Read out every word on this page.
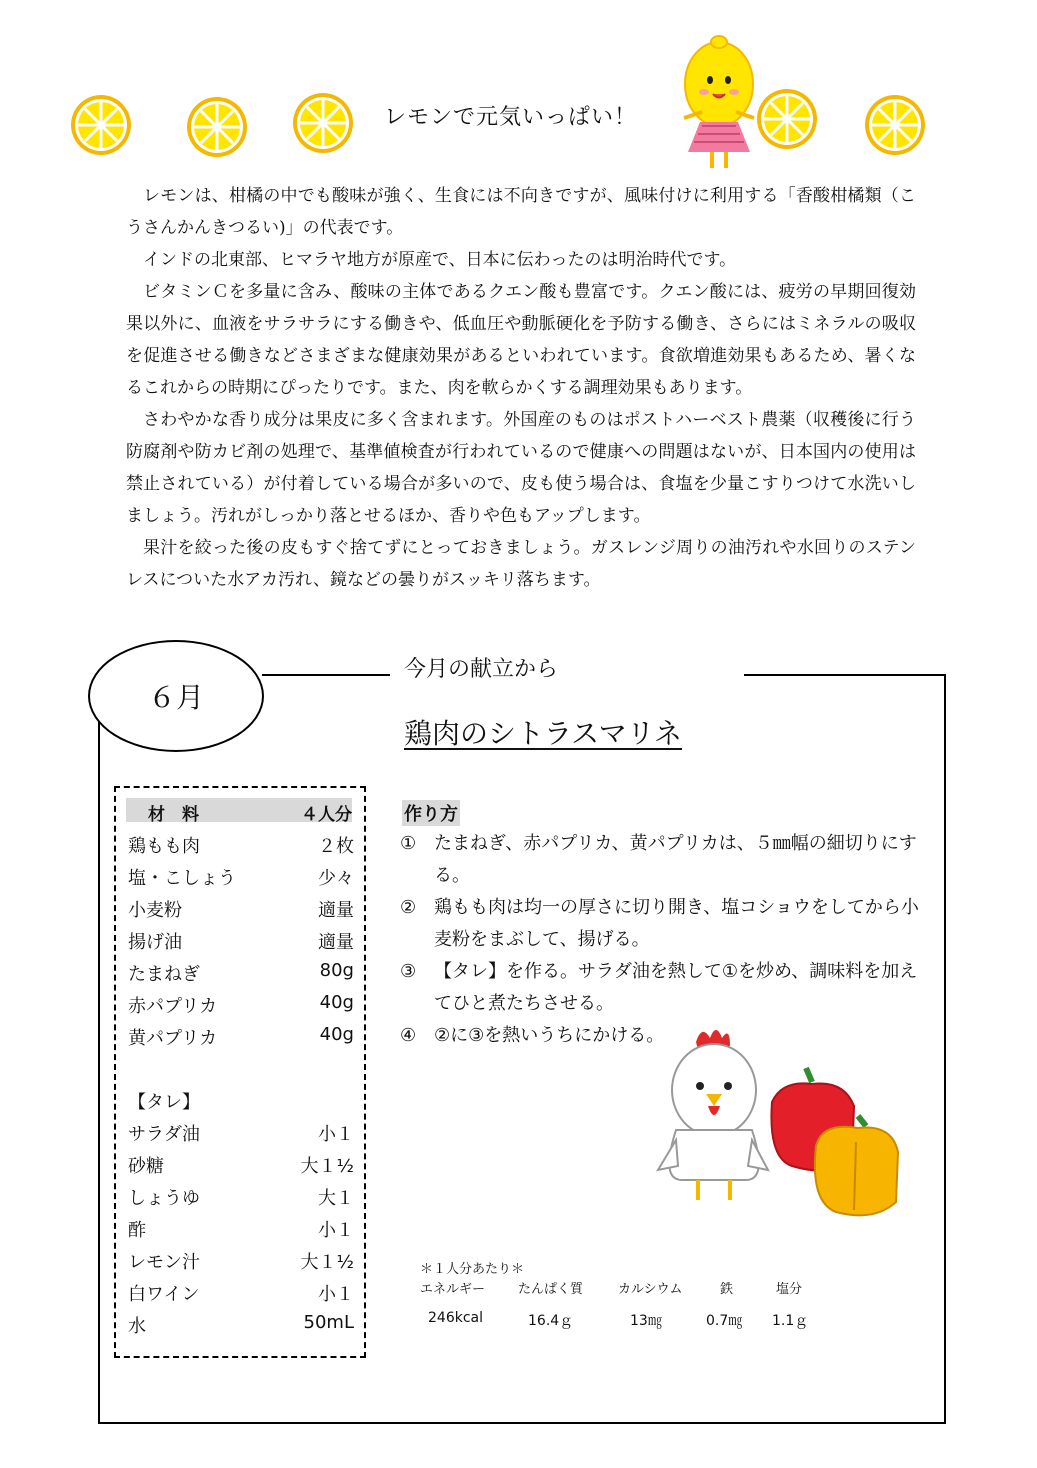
レモンで元気いっぱい！

レモンは、柑橘の中でも酸味が強く、生食には不向きですが、風味付けに利用する「香酸柑橘類（こうさんかんきつるい)」の代表です。

インドの北東部、ヒマラヤ地方が原産で、日本に伝わったのは明治時代です。

ビタミンＣを多量に含み、酸味の主体であるクエン酸も豊富です。クエン酸には、疲労の早期回復効果以外に、血液をサラサラにする働きや、低血圧や動脈硬化を予防する働き、さらにはミネラルの吸収を促進させる働きなどさまざまな健康効果があるといわれています。食欲増進効果もあるため、暑くなるこれからの時期にぴったりです。また、肉を軟らかくする調理効果もあります。

さわやかな香り成分は果皮に多く含まれます。外国産のものはポストハーベスト農薬（収穫後に行う防腐剤や防カビ剤の処理で、基準値検査が行われているので健康への問題はないが、日本国内の使用は禁止されている）が付着している場合が多いので、皮も使う場合は、食塩を少量こすりつけて水洗いしましょう。汚れがしっかり落とせるほか、香りや色もアップします。

果汁を絞った後の皮もすぐ捨てずにとっておきましょう。ガスレンジ周りの油汚れや水回りのステンレスについた水アカ汚れ、鏡などの曇りがスッキリ落ちます。

６月
今月の献立から
鶏肉のシトラスマリネ
材　料	４人分
鶏もも肉	２枚
塩・こしょう	少々
小麦粉	適量
揚げ油	適量
たまねぎ	80g
赤パプリカ	40g
黄パプリカ	40g
【タレ】
サラダ油	小１
砂糖	大１½
しょうゆ	大１
酢	小１
レモン汁	大１½
白ワイン	小１
水	50mL
作り方
① たまねぎ、赤パプリカ、黄パプリカは、５㎜幅の細切りにする。
② 鶏もも肉は均一の厚さに切り開き、塩コショウをしてから小麦粉をまぶして、揚げる。
③ 【タレ】を作る。サラダ油を熱して①を炒め、調味料を加えてひと煮たちさせる。
④ ②に③を熱いうちにかける。
＊１人分あたり＊
エネルギー	たんぱく質	カルシウム	鉄	塩分
246kcal	16.4ｇ	13㎎	0.7㎎ 1.1ｇ
